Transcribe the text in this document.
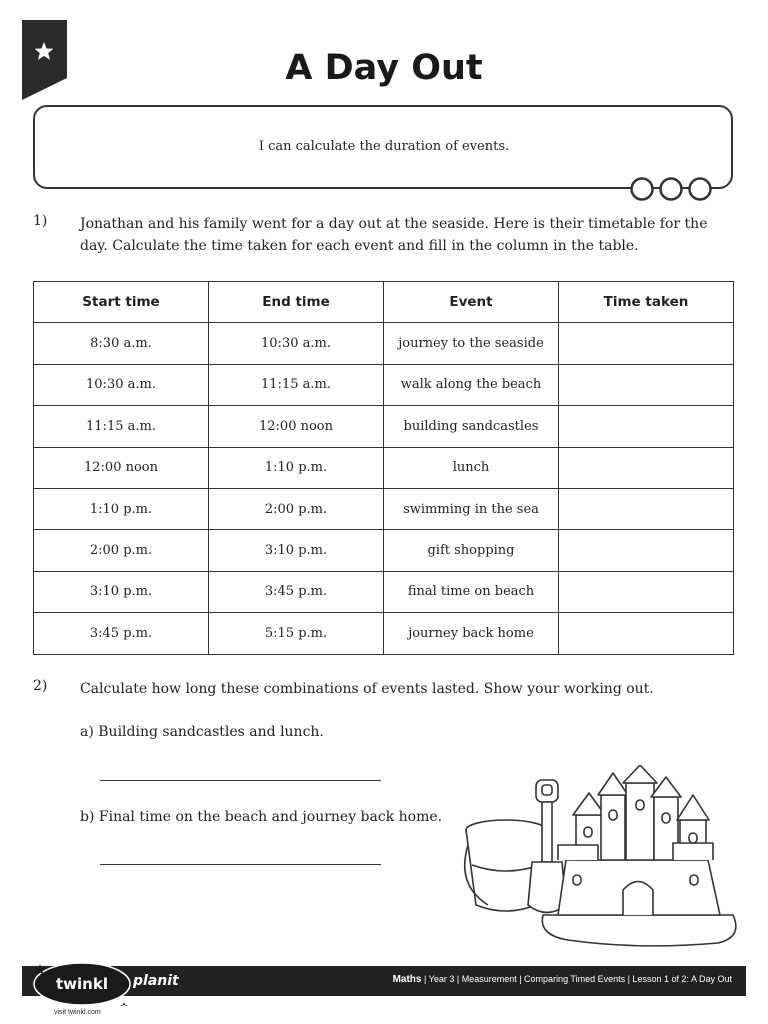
A Day Out
I can calculate the duration of events.
1) Jonathan and his family went for a day out at the seaside. Here is their timetable for the day. Calculate the time taken for each event and fill in the column in the table.
Start time	End time	Event	Time taken
8:30 a.m.	10:30 a.m.	journey to the seaside	
10:30 a.m.	11:15 a.m.	walk along the beach	
11:15 a.m.	12:00 noon	building sandcastles	
12:00 noon	1:10 p.m.	lunch	
1:10 p.m.	2:00 p.m.	swimming in the sea	
2:00 p.m.	3:10 p.m.	gift shopping	
3:10 p.m.	3:45 p.m.	final time on beach	
3:45 p.m.	5:15 p.m.	journey back home	
2) Calculate how long these combinations of events lasted. Show your working out.
a) Building sandcastles and lunch.
b) Final time on the beach and journey back home.
Maths | Year 3 | Measurement | Comparing Timed Events | Lesson 1 of 2: A Day Out
twinkl planit
visit twinkl.com
